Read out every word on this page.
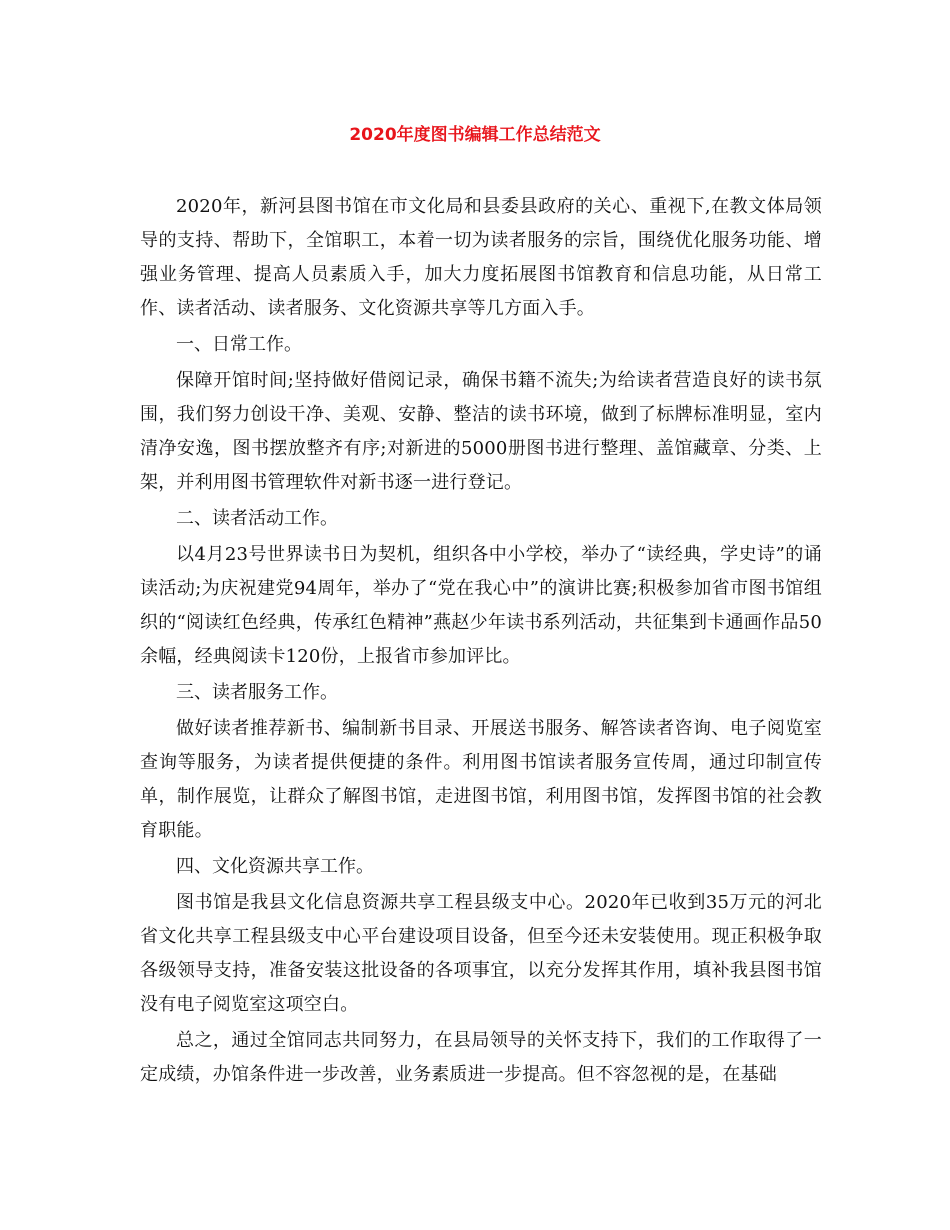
2020年度图书编辑工作总结范文

2020年，新河县图书馆在市文化局和县委县政府的关心、重视下,在教文体局领导的支持、帮助下，全馆职工，本着一切为读者服务的宗旨，围绕优化服务功能、增强业务管理、提高人员素质入手，加大力度拓展图书馆教育和信息功能，从日常工作、读者活动、读者服务、文化资源共享等几方面入手。

一、日常工作。

保障开馆时间;坚持做好借阅记录，确保书籍不流失;为给读者营造良好的读书氛围，我们努力创设干净、美观、安静、整洁的读书环境，做到了标牌标准明显，室内清净安逸，图书摆放整齐有序;对新进的5000册图书进行整理、盖馆藏章、分类、上架，并利用图书管理软件对新书逐一进行登记。

二、读者活动工作。

以4月23号世界读书日为契机，组织各中小学校，举办了“读经典，学史诗”的诵读活动;为庆祝建党94周年，举办了“党在我心中”的演讲比赛;积极参加省市图书馆组织的“阅读红色经典，传承红色精神”燕赵少年读书系列活动，共征集到卡通画作品50余幅，经典阅读卡120份，上报省市参加评比。

三、读者服务工作。

做好读者推荐新书、编制新书目录、开展送书服务、解答读者咨询、电子阅览室查询等服务，为读者提供便捷的条件。利用图书馆读者服务宣传周，通过印制宣传单，制作展览，让群众了解图书馆，走进图书馆，利用图书馆，发挥图书馆的社会教育职能。

四、文化资源共享工作。

图书馆是我县文化信息资源共享工程县级支中心。2020年已收到35万元的河北省文化共享工程县级支中心平台建设项目设备，但至今还未安装使用。现正积极争取各级领导支持，准备安装这批设备的各项事宜，以充分发挥其作用，填补我县图书馆没有电子阅览室这项空白。

总之，通过全馆同志共同努力，在县局领导的关怀支持下，我们的工作取得了一定成绩，办馆条件进一步改善，业务素质进一步提高。但不容忽视的是，在基础
